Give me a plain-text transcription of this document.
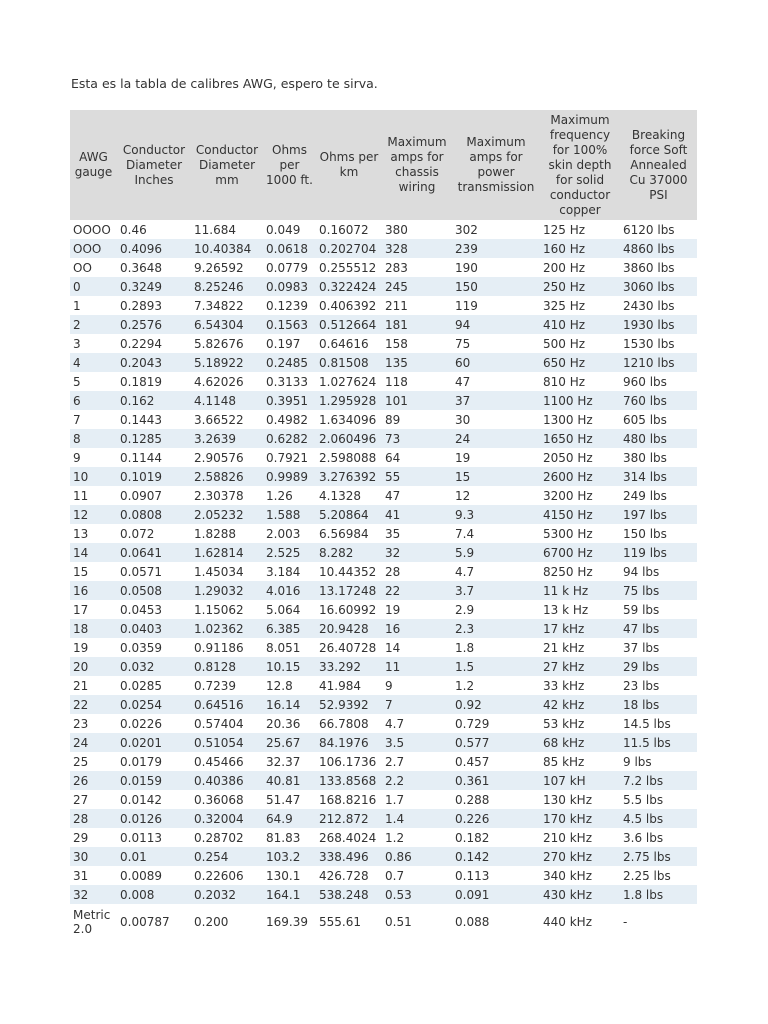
Esta es la tabla de calibres AWG, espero te sirva.
AWG gauge	Conductor Diameter Inches	Conductor Diameter mm	Ohms per 1000 ft.	Ohms per km	Maximum amps for chassis wiring	Maximum amps for power transmission	Maximum frequency for 100% skin depth for solid conductor copper	Breaking force Soft Annealed Cu 37000 PSI
OOOO	0.46	11.684	0.049	0.16072	380	302	125 Hz	6120 lbs
OOO	0.4096	10.40384	0.0618	0.202704	328	239	160 Hz	4860 lbs
OO	0.3648	9.26592	0.0779	0.255512	283	190	200 Hz	3860 lbs
0	0.3249	8.25246	0.0983	0.322424	245	150	250 Hz	3060 lbs
1	0.2893	7.34822	0.1239	0.406392	211	119	325 Hz	2430 lbs
2	0.2576	6.54304	0.1563	0.512664	181	94	410 Hz	1930 lbs
3	0.2294	5.82676	0.197	0.64616	158	75	500 Hz	1530 lbs
4	0.2043	5.18922	0.2485	0.81508	135	60	650 Hz	1210 lbs
5	0.1819	4.62026	0.3133	1.027624	118	47	810 Hz	960 lbs
6	0.162	4.1148	0.3951	1.295928	101	37	1100 Hz	760 lbs
7	0.1443	3.66522	0.4982	1.634096	89	30	1300 Hz	605 lbs
8	0.1285	3.2639	0.6282	2.060496	73	24	1650 Hz	480 lbs
9	0.1144	2.90576	0.7921	2.598088	64	19	2050 Hz	380 lbs
10	0.1019	2.58826	0.9989	3.276392	55	15	2600 Hz	314 lbs
11	0.0907	2.30378	1.26	4.1328	47	12	3200 Hz	249 lbs
12	0.0808	2.05232	1.588	5.20864	41	9.3	4150 Hz	197 lbs
13	0.072	1.8288	2.003	6.56984	35	7.4	5300 Hz	150 lbs
14	0.0641	1.62814	2.525	8.282	32	5.9	6700 Hz	119 lbs
15	0.0571	1.45034	3.184	10.44352	28	4.7	8250 Hz	94 lbs
16	0.0508	1.29032	4.016	13.17248	22	3.7	11 k Hz	75 lbs
17	0.0453	1.15062	5.064	16.60992	19	2.9	13 k Hz	59 lbs
18	0.0403	1.02362	6.385	20.9428	16	2.3	17 kHz	47 lbs
19	0.0359	0.91186	8.051	26.40728	14	1.8	21 kHz	37 lbs
20	0.032	0.8128	10.15	33.292	11	1.5	27 kHz	29 lbs
21	0.0285	0.7239	12.8	41.984	9	1.2	33 kHz	23 lbs
22	0.0254	0.64516	16.14	52.9392	7	0.92	42 kHz	18 lbs
23	0.0226	0.57404	20.36	66.7808	4.7	0.729	53 kHz	14.5 lbs
24	0.0201	0.51054	25.67	84.1976	3.5	0.577	68 kHz	11.5 lbs
25	0.0179	0.45466	32.37	106.1736	2.7	0.457	85 kHz	9 lbs
26	0.0159	0.40386	40.81	133.8568	2.2	0.361	107 kH	7.2 lbs
27	0.0142	0.36068	51.47	168.8216	1.7	0.288	130 kHz	5.5 lbs
28	0.0126	0.32004	64.9	212.872	1.4	0.226	170 kHz	4.5 lbs
29	0.0113	0.28702	81.83	268.4024	1.2	0.182	210 kHz	3.6 lbs
30	0.01	0.254	103.2	338.496	0.86	0.142	270 kHz	2.75 lbs
31	0.0089	0.22606	130.1	426.728	0.7	0.113	340 kHz	2.25 lbs
32	0.008	0.2032	164.1	538.248	0.53	0.091	430 kHz	1.8 lbs
Metric 2.0	0.00787	0.200	169.39	555.61	0.51	0.088	440 kHz	-
